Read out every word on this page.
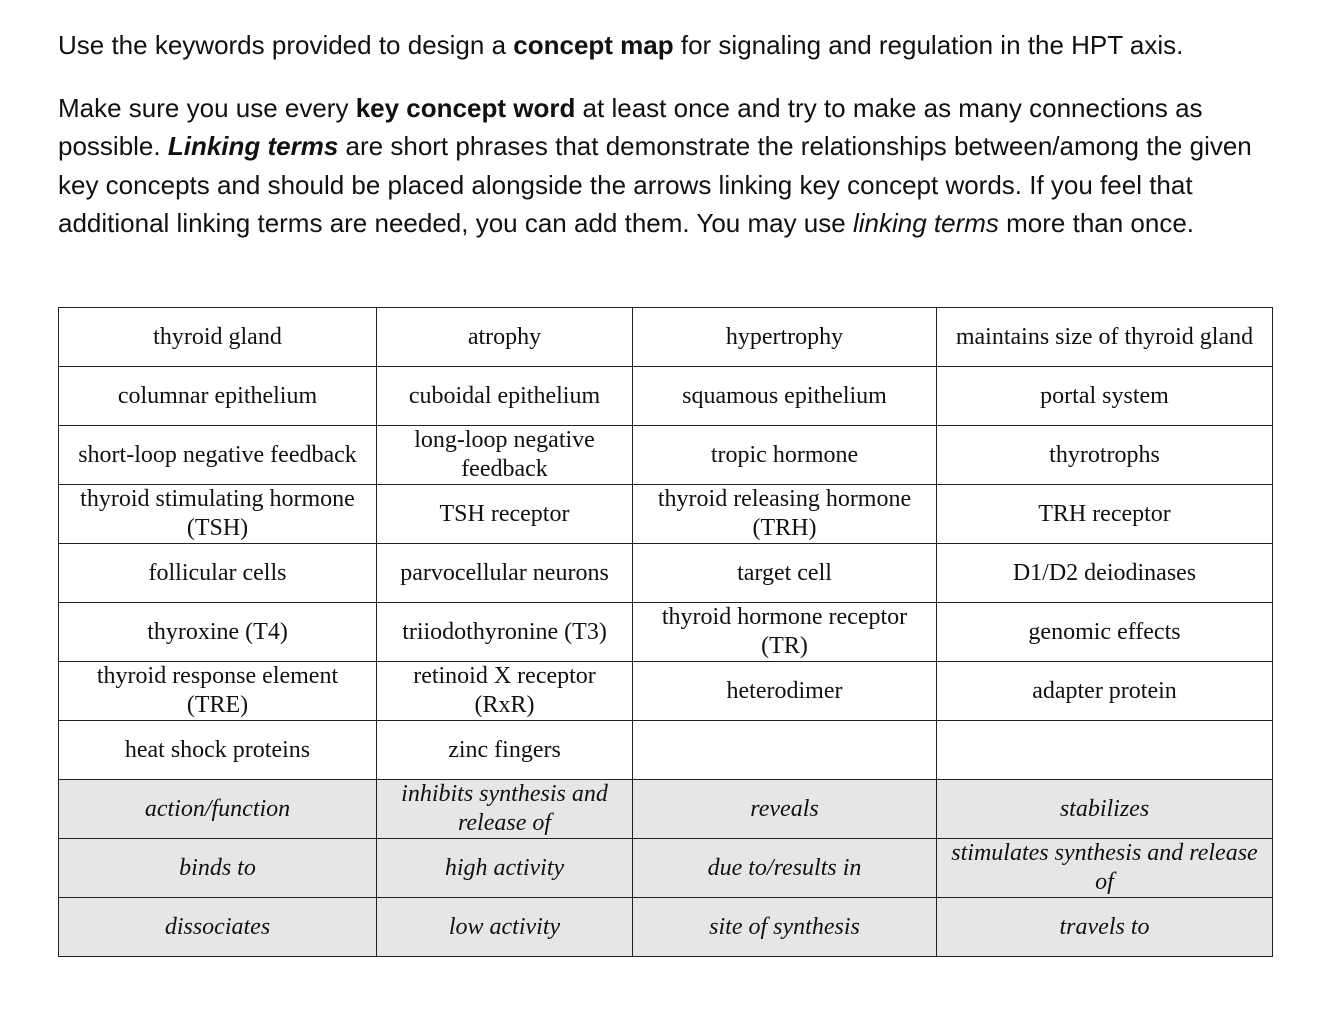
Use the keywords provided to design a concept map for signaling and regulation in the HPT axis.

Make sure you use every key concept word at least once and try to make as many connections as possible. Linking terms are short phrases that demonstrate the relationships between/among the given key concepts and should be placed alongside the arrows linking key concept words. If you feel that additional linking terms are needed, you can add them. You may use linking terms more than once.

thyroid gland	atrophy	hypertrophy	maintains size of thyroid gland
columnar epithelium	cuboidal epithelium	squamous epithelium	portal system
short-loop negative feedback	long-loop negative feedback	tropic hormone	thyrotrophs
thyroid stimulating hormone (TSH)	TSH receptor	thyroid releasing hormone (TRH)	TRH receptor
follicular cells	parvocellular neurons	target cell	D1/D2 deiodinases
thyroxine (T4)	triiodothyronine (T3)	thyroid hormone receptor (TR)	genomic effects
thyroid response element (TRE)	retinoid X receptor (RxR)	heterodimer	adapter protein
heat shock proteins	zinc fingers		
action/function	inhibits synthesis and release of	reveals	stabilizes
binds to	high activity	due to/results in	stimulates synthesis and release of
dissociates	low activity	site of synthesis	travels to
